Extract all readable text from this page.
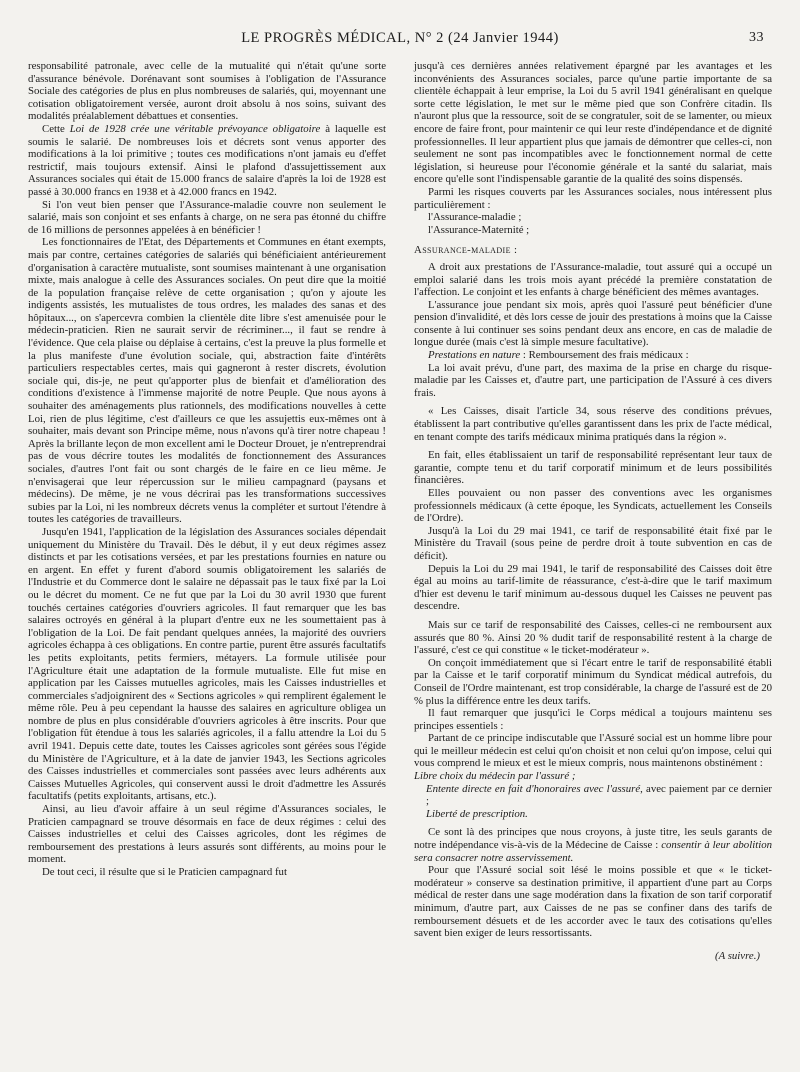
LE PROGRÈS MÉDICAL, N° 2 (24 Janvier 1944)	33

responsabilité patronale, avec celle de la mutualité qui n'était qu'une sorte d'assurance bénévole. Dorénavant sont soumises à l'obligation de l'Assurance Sociale des catégories de plus en plus nombreuses de salariés, qui, moyennant une cotisation obligatoirement versée, auront droit absolu à nos soins, suivant des modalités préalablement débattues et consenties.

Cette Loi de 1928 crée une véritable prévoyance obligatoire à laquelle est soumis le salarié. De nombreuses lois et décrets sont venus apporter des modifications à la loi primitive ; toutes ces modifications n'ont jamais eu d'effet restrictif, mais toujours extensif. Ainsi le plafond d'assujettissement aux Assurances sociales qui était de 15.000 francs de salaire d'après la loi de 1928 est passé à 30.000 francs en 1938 et à 42.000 francs en 1942.

Si l'on veut bien penser que l'Assurance-maladie couvre non seulement le salarié, mais son conjoint et ses enfants à charge, on ne sera pas étonné du chiffre de 16 millions de personnes appelées à en bénéficier !

Les fonctionnaires de l'Etat, des Départements et Communes en étant exempts, mais par contre, certaines catégories de salariés qui bénéficiaient antérieurement d'organisation à caractère mutualiste, sont soumises maintenant à une organisation mixte, mais analogue à celle des Assurances sociales. On peut dire que la moitié de la population française relève de cette organisation ; qu'on y ajoute les indigents assistés, les mutualistes de tous ordres, les malades des sanas et des hôpitaux..., on s'apercevra combien la clientèle dite libre s'est amenuisée pour le médecin-praticien. Rien ne saurait servir de récriminer..., il faut se rendre à l'évidence. Que cela plaise ou déplaise à certains, c'est la preuve la plus formelle et la plus manifeste d'une évolution sociale, qui, abstraction faite d'intérêts particuliers respectables certes, mais qui gagneront à rester discrets, évolution sociale qui, dis-je, ne peut qu'apporter plus de bienfait et d'amélioration des conditions d'existence à l'immense majorité de notre Peuple. Que nous ayons à souhaiter des aménagements plus rationnels, des modifications nouvelles à cette Loi, rien de plus légitime, c'est d'ailleurs ce que les assujettis eux-mêmes ont à souhaiter, mais devant son Principe même, nous n'avons qu'à tirer notre chapeau ! Après la brillante leçon de mon excellent ami le Docteur Drouet, je n'entreprendrai pas de vous décrire toutes les modalités de fonctionnement des Assurances sociales, d'autres l'ont fait ou sont chargés de le faire en ce lieu même. Je n'envisagerai que leur répercussion sur le milieu campagnard (paysans et médecins). De même, je ne vous décrirai pas les transformations successives subies par la Loi, ni les nombreux décrets venus la compléter et surtout l'étendre à toutes les catégories de travailleurs.

Jusqu'en 1941, l'application de la législation des Assurances sociales dépendait uniquement du Ministère du Travail. Dès le début, il y eut deux régimes assez distincts et par les cotisations versées, et par les prestations fournies en nature ou en argent. En effet y furent d'abord soumis obligatoirement les salariés de l'Industrie et du Commerce dont le salaire ne dépassait pas le taux fixé par la Loi ou le décret du moment. Ce ne fut que par la Loi du 30 avril 1930 que furent touchés certaines catégories d'ouvriers agricoles. Il faut remarquer que les bas salaires octroyés en général à la plupart d'entre eux ne les soumettaient pas à l'obligation de la Loi. De fait pendant quelques années, la majorité des ouvriers agricoles échappa à ces obligations. En contre partie, purent être assurés facultatifs les petits exploitants, petits fermiers, métayers. La formule utilisée pour l'Agriculture était une adaptation de la formule mutualiste. Elle fut mise en application par les Caisses mutuelles agricoles, mais les Caisses industrielles et commerciales s'adjoignirent des « Sections agricoles » qui remplirent également le même rôle. Peu à peu cependant la hausse des salaires en agriculture obligea un nombre de plus en plus considérable d'ouvriers agricoles à être inscrits. Pour que l'obligation fût étendue à tous les salariés agricoles, il a fallu attendre la Loi du 5 avril 1941. Depuis cette date, toutes les Caisses agricoles sont gérées sous l'égide du Ministère de l'Agriculture, et à la date de janvier 1943, les Sections agricoles des Caisses industrielles et commerciales sont passées avec leurs adhérents aux Caisses Mutuelles Agricoles, qui conservent aussi le droit d'admettre les Assurés facultatifs (petits exploitants, artisans, etc.).

Ainsi, au lieu d'avoir affaire à un seul régime d'Assurances sociales, le Praticien campagnard se trouve désormais en face de deux régimes : celui des Caisses industrielles et celui des Caisses agricoles, dont les régimes de remboursement des prestations à leurs assurés sont différents, au moins pour le moment.

De tout ceci, il résulte que si le Praticien campagnard fut

jusqu'à ces dernières années relativement épargné par les avantages et les inconvénients des Assurances sociales, parce qu'une partie importante de sa clientèle échappait à leur emprise, la Loi du 5 avril 1941 généralisant en quelque sorte cette législation, le met sur le même pied que son Confrère citadin. Ils n'auront plus que la ressource, soit de se congratuler, soit de se lamenter, ou mieux encore de faire front, pour maintenir ce qui leur reste d'indépendance et de dignité professionnelles. Il leur appartient plus que jamais de démontrer que celles-ci, non seulement ne sont pas incompatibles avec le fonctionnement normal de cette législation, si heureuse pour l'économie générale et la santé du salariat, mais encore qu'elle sont l'indispensable garantie de la qualité des soins dispensés.

Parmi les risques couverts par les Assurances sociales, nous intéressent plus particulièrement :

l'Assurance-maladie ;

l'Assurance-Maternité ;

Assurance-maladie :

A droit aux prestations de l'Assurance-maladie, tout assuré qui a occupé un emploi salarié dans les trois mois ayant précédé la première constatation de l'affection. Le conjoint et les enfants à charge bénéficient des mêmes avantages.

L'assurance joue pendant six mois, après quoi l'assuré peut bénéficier d'une pension d'invalidité, et dès lors cesse de jouir des prestations à moins que la Caisse consente à lui continuer ses soins pendant deux ans encore, en cas de maladie de longue durée (mais c'est là simple mesure facultative).

Prestations en nature : Remboursement des frais médicaux :

La loi avait prévu, d'une part, des maxima de la prise en charge du risque-maladie par les Caisses et, d'autre part, une participation de l'Assuré à ces divers frais.

« Les Caisses, disait l'article 34, sous réserve des conditions prévues, établissent la part contributive qu'elles garantissent dans les prix de l'acte médical, en tenant compte des tarifs médicaux minima pratiqués dans la région ».

En fait, elles établissaient un tarif de responsabilité représentant leur taux de garantie, compte tenu et du tarif corporatif minimum et de leurs possibilités financières.

Elles pouvaient ou non passer des conventions avec les organismes professionnels médicaux (à cette époque, les Syndicats, actuellement les Conseils de l'Ordre).

Jusqu'à la Loi du 29 mai 1941, ce tarif de responsabilité était fixé par le Ministère du Travail (sous peine de perdre droit à toute subvention en cas de déficit).

Depuis la Loi du 29 mai 1941, le tarif de responsabilité des Caisses doit être égal au moins au tarif-limite de réassurance, c'est-à-dire que le tarif maximum d'hier est devenu le tarif minimum au-dessous duquel les Caisses ne peuvent pas descendre.

Mais sur ce tarif de responsabilité des Caisses, celles-ci ne remboursent aux assurés que 80 %. Ainsi 20 % dudit tarif de responsabilité restent à la charge de l'assuré, c'est ce qui constitue « le ticket-modérateur ».

On conçoit immédiatement que si l'écart entre le tarif de responsabilité établi par la Caisse et le tarif corporatif minimum du Syndicat médical autrefois, du Conseil de l'Ordre maintenant, est trop considérable, la charge de l'assuré est de 20 % plus la différence entre les deux tarifs.

Il faut remarquer que jusqu'ici le Corps médical a toujours maintenu ses principes essentiels :

Partant de ce principe indiscutable que l'Assuré social est un homme libre pour qui le meilleur médecin est celui qu'on choisit et non celui qu'on impose, celui qui vous comprend le mieux et est le mieux compris, nous maintenons obstinément :

Libre choix du médecin par l'assuré ;

Entente directe en fait d'honoraires avec l'assuré, avec paiement par ce dernier ;

Liberté de prescription.

Ce sont là des principes que nous croyons, à juste titre, les seuls garants de notre indépendance vis-à-vis de la Médecine de Caisse : consentir à leur abolition sera consacrer notre asservissement.

Pour que l'Assuré social soit lésé le moins possible et que « le ticket-modérateur » conserve sa destination primitive, il appartient d'une part au Corps médical de rester dans une sage modération dans la fixation de son tarif corporatif minimum, d'autre part, aux Caisses de ne pas se confiner dans des tarifs de remboursement désuets et de les accorder avec le taux des cotisations qu'elles savent bien exiger de leurs ressortissants.

(A suivre.)
